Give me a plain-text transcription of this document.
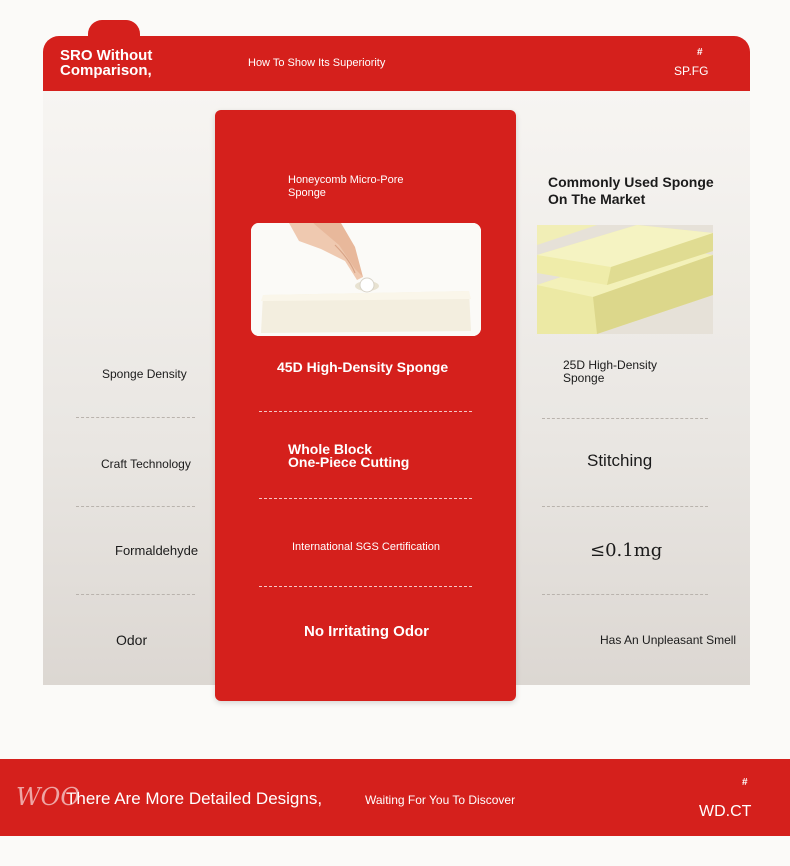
SRO Without Comparison,	How To Show Its Superiority
#
SP.FG
Sponge Density
Craft Technology
Formaldehyde
Odor
Honeycomb Micro-Pore Sponge
45D High-Density Sponge
Whole Block
One-Piece Cutting
International SGS Certification
No Irritating Odor
Commonly Used Sponge On The Market
25D High-Density Sponge
Stitching
≤0.1mg
Has An Unpleasant Smell
WOO
There Are More Detailed Designs,	Waiting For You To Discover
#
WD.CT
